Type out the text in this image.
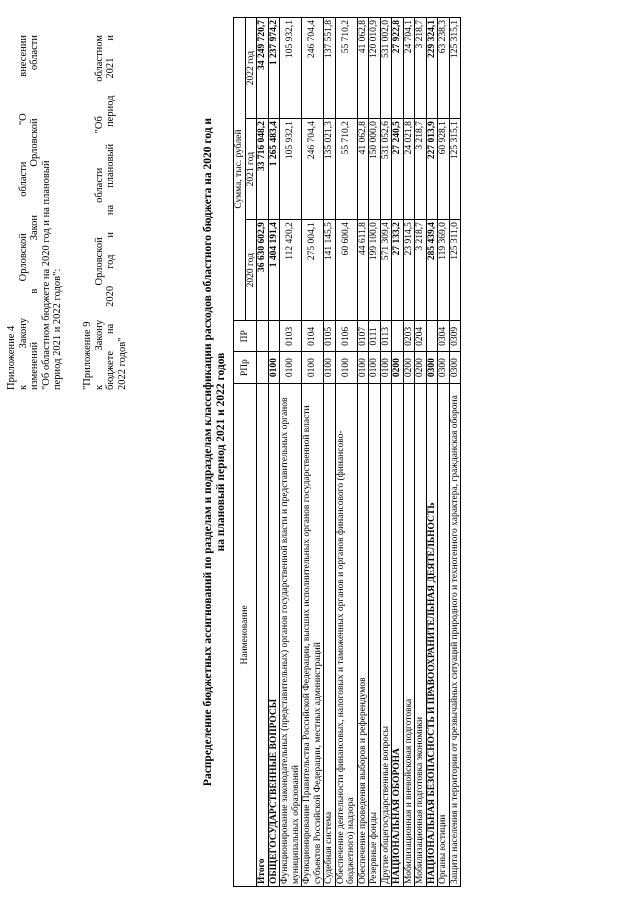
Приложение 4 к Закону Орловской области "О внесении изменений в Закон Орловской области "Об областном бюджете на 2020 год и на плановый период 2021 и 2022 годов": "Приложение 9 к Закону Орловской области "Об областном бюджете на 2020 год и на плановый период 2021 и 2022 годов"	Распределение бюджетных ассигнований по разделам и подразделам классификации расходов областного бюджета на 2020 год и на плановый период 2021 и 2022 годов

Наименование	РПр	ПР	Сумма, тыс. рублей		
			2020 год	2021 год	2022 год
Итого			36 630 602,9	33 716 048,2	34 249 720,7
ОБЩЕГОСУДАРСТВЕННЫЕ ВОПРОСЫ	0100		1 404 191,4	1 265 483,4	1 237 974,2
Функционирование законодательных (представительных) органов государственной власти и представительных органов муниципальных образований	0100	0103	112 420,2	105 932,1	105 932,1
Функционирование Правительства Российской Федерации, высших исполнительных органов государственной власти субъектов Российской Федерации, местных администраций	0100	0104	275 004,1	246 704,4	246 704,4
Судебная система	0100	0105	141 145,5	135 021,3	137 551,8
Обеспечение деятельности финансовых, налоговых и таможенных органов и органов финансового (финансово-бюджетного) надзора	0100	0106	60 600,4	55 710,2	55 710,2
Обеспечение проведения выборов и референдумов	0100	0107	44 611,8	41 062,8	41 062,8
Резервные фонды	0100	0111	199 100,0	150 000,0	120 010,9
Другие общегосударственные вопросы	0100	0113	571 309,4	531 052,6	531 002,0
НАЦИОНАЛЬНАЯ ОБОРОНА	0200		27 133,2	27 240,5	27 922,8
Мобилизационная и вневойсковая подготовка	0200	0203	23 914,5	24 021,8	24 704,1
Мобилизационная подготовка экономики	0200	0204	3 218,7	3 218,7	3 218,7
НАЦИОНАЛЬНАЯ БЕЗОПАСНОСТЬ И ПРАВООХРАНИТЕЛЬНАЯ ДЕЯТЕЛЬНОСТЬ	0300		285 439,4	227 013,9	229 324,1
Органы юстиции	0300	0304	119 369,0	60 928,1	63 238,3
Защита населения и территории от чрезвычайных ситуаций природного и техногенного характера, гражданская оборона	0300	0309	125 311,0	125 315,1	125 315,1
